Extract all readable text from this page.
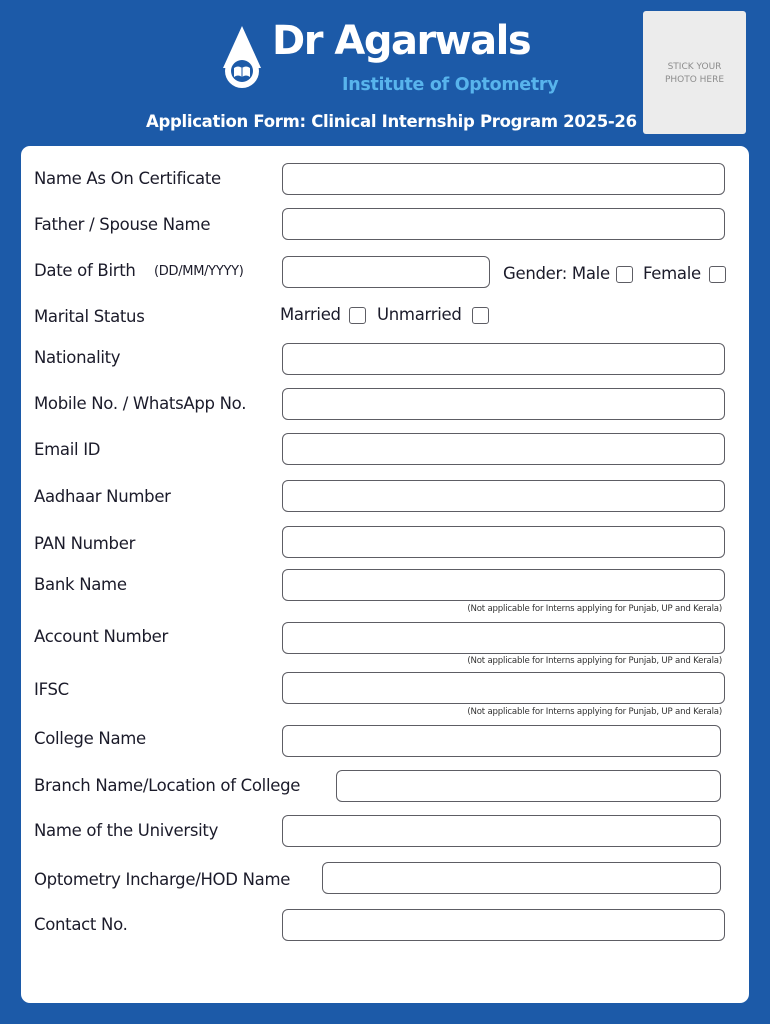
Dr Agarwals
Institute of Optometry
Application Form: Clinical Internship Program 2025-26
STICK YOUR
PHOTO HERE
Name As On Certificate
Father / Spouse Name
Date of Birth (DD/MM/YYYY)	Gender: Male Female
Marital Status	Married Unmarried
Nationality
Mobile No. / WhatsApp No.
Email ID
Aadhaar Number
PAN Number
Bank Name
(Not applicable for Interns applying for Punjab, UP and Kerala)
Account Number
(Not applicable for Interns applying for Punjab, UP and Kerala)
IFSC
(Not applicable for Interns applying for Punjab, UP and Kerala)
College Name
Branch Name/Location of College
Name of the University
Optometry Incharge/HOD Name
Contact No.
